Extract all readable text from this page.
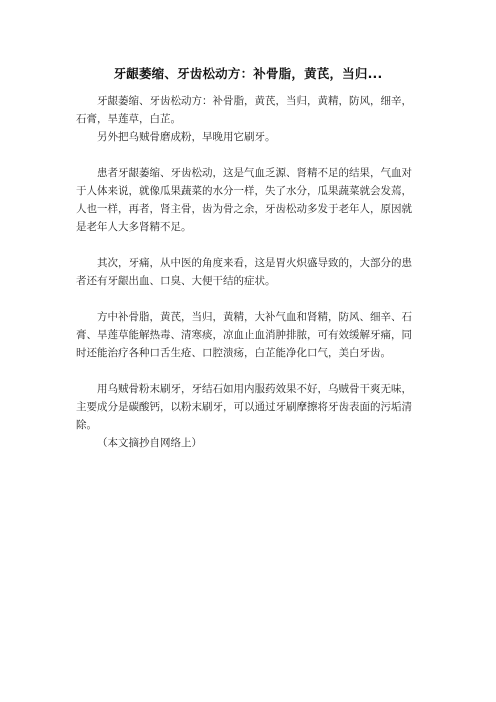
牙龈萎缩、牙齿松动方：补骨脂，黄芪，当归...

牙龈萎缩、牙齿松动方：补骨脂，黄芪，当归，黄精，防风，细辛，石膏，旱莲草，白芷。

另外把乌贼骨磨成粉，早晚用它刷牙。

患者牙龈萎缩、牙齿松动，这是气血乏源、肾精不足的结果，气血对于人体来说，就像瓜果蔬菜的水分一样，失了水分，瓜果蔬菜就会发蔫，人也一样，再者，肾主骨，齿为骨之余，牙齿松动多发于老年人，原因就是老年人大多肾精不足。

其次，牙痛，从中医的角度来看，这是胃火炽盛导致的，大部分的患者还有牙龈出血、口臭、大便干结的症状。

方中补骨脂，黄芪，当归，黄精，大补气血和肾精，防风、细辛、石膏、旱莲草能解热毒、清寒痰，凉血止血消肿排脓，可有效缓解牙痛，同时还能治疗各种口舌生疮、口腔溃疡，白芷能净化口气，美白牙齿。

用乌贼骨粉末刷牙，牙结石如用内服药效果不好，乌贼骨干爽无味，主要成分是碳酸钙，以粉末刷牙，可以通过牙刷摩擦将牙齿表面的污垢清除。

（本文摘抄自网络上）
